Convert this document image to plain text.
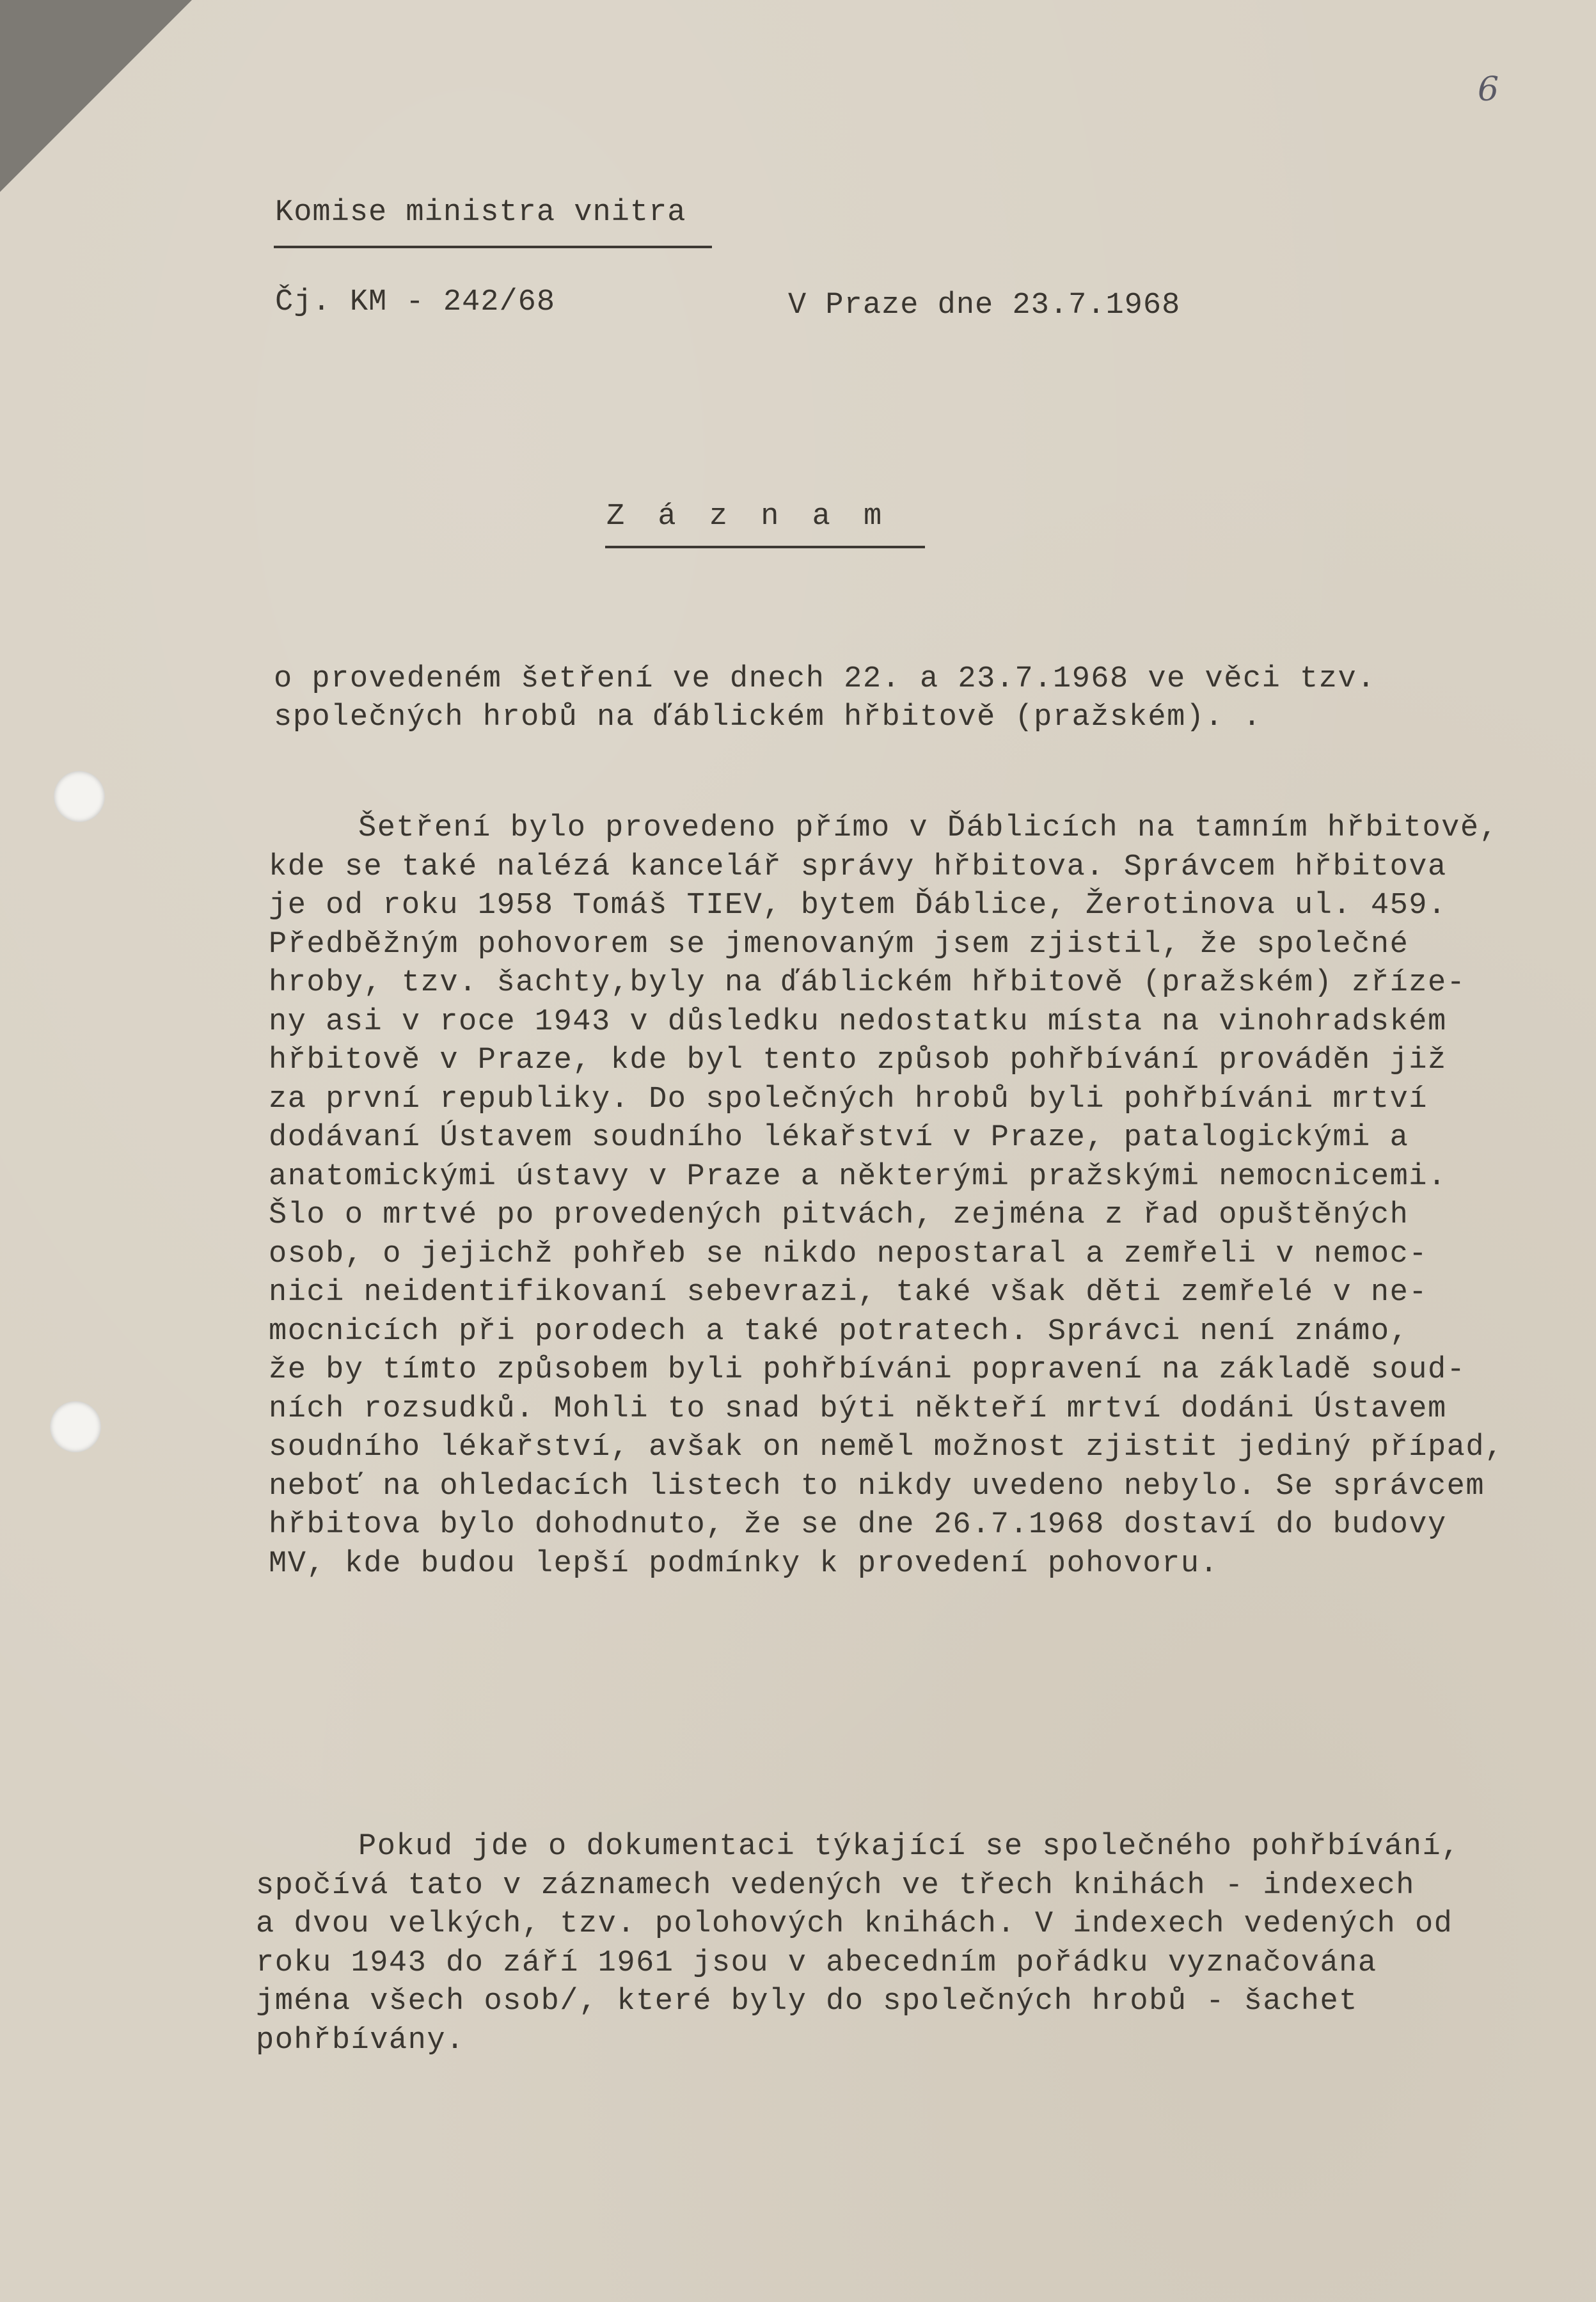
6
Komise ministra vnitra
Čj. KM - 242/68	V Praze dne 23.7.1968
Z á z n a m
o provedeném šetření ve dnech 22. a 23.7.1968 ve věci tzv.
společných hrobů na ďáblickém hřbitově (pražském). .
Šetření bylo provedeno přímo v Ďáblicích na tamním hřbitově,
kde se také nalézá kancelář správy hřbitova. Správcem hřbitova
je od roku 1958 Tomáš TIEV, bytem Ďáblice, Žerotinova ul. 459.
Předběžným pohovorem se jmenovaným jsem zjistil, že společné
hroby, tzv. šachty,byly na ďáblickém hřbitově (pražském) zříze-
ny asi v roce 1943 v důsledku nedostatku místa na vinohradském
hřbitově v Praze, kde byl tento způsob pohřbívání prováděn již
za první republiky. Do společných hrobů byli pohřbíváni mrtví
dodávaní Ústavem soudního lékařství v Praze, patalogickými a
anatomickými ústavy v Praze a některými pražskými nemocnicemi.
Šlo o mrtvé po provedených pitvách, zejména z řad opuštěných
osob, o jejichž pohřeb se nikdo nepostaral a zemřeli v nemoc-
nici neidentifikovaní sebevrazi, také však děti zemřelé v ne-
mocnicích při porodech a také potratech. Správci není známo,
že by tímto způsobem byli pohřbíváni popravení na základě soud-
ních rozsudků. Mohli to snad býti někteří mrtví dodáni Ústavem
soudního lékařství, avšak on neměl možnost zjistit jediný případ,
neboť na ohledacích listech to nikdy uvedeno nebylo. Se správcem
hřbitova bylo dohodnuto, že se dne 26.7.1968 dostaví do budovy
MV, kde budou lepší podmínky k provedení pohovoru.
Pokud jde o dokumentaci týkající se společného pohřbívání,
spočívá tato v záznamech vedených ve třech knihách - indexech
a dvou velkých, tzv. polohových knihách. V indexech vedených od
roku 1943 do září 1961 jsou v abecedním pořádku vyznačována
jména všech osob/, které byly do společných hrobů - šachet
pohřbívány.
